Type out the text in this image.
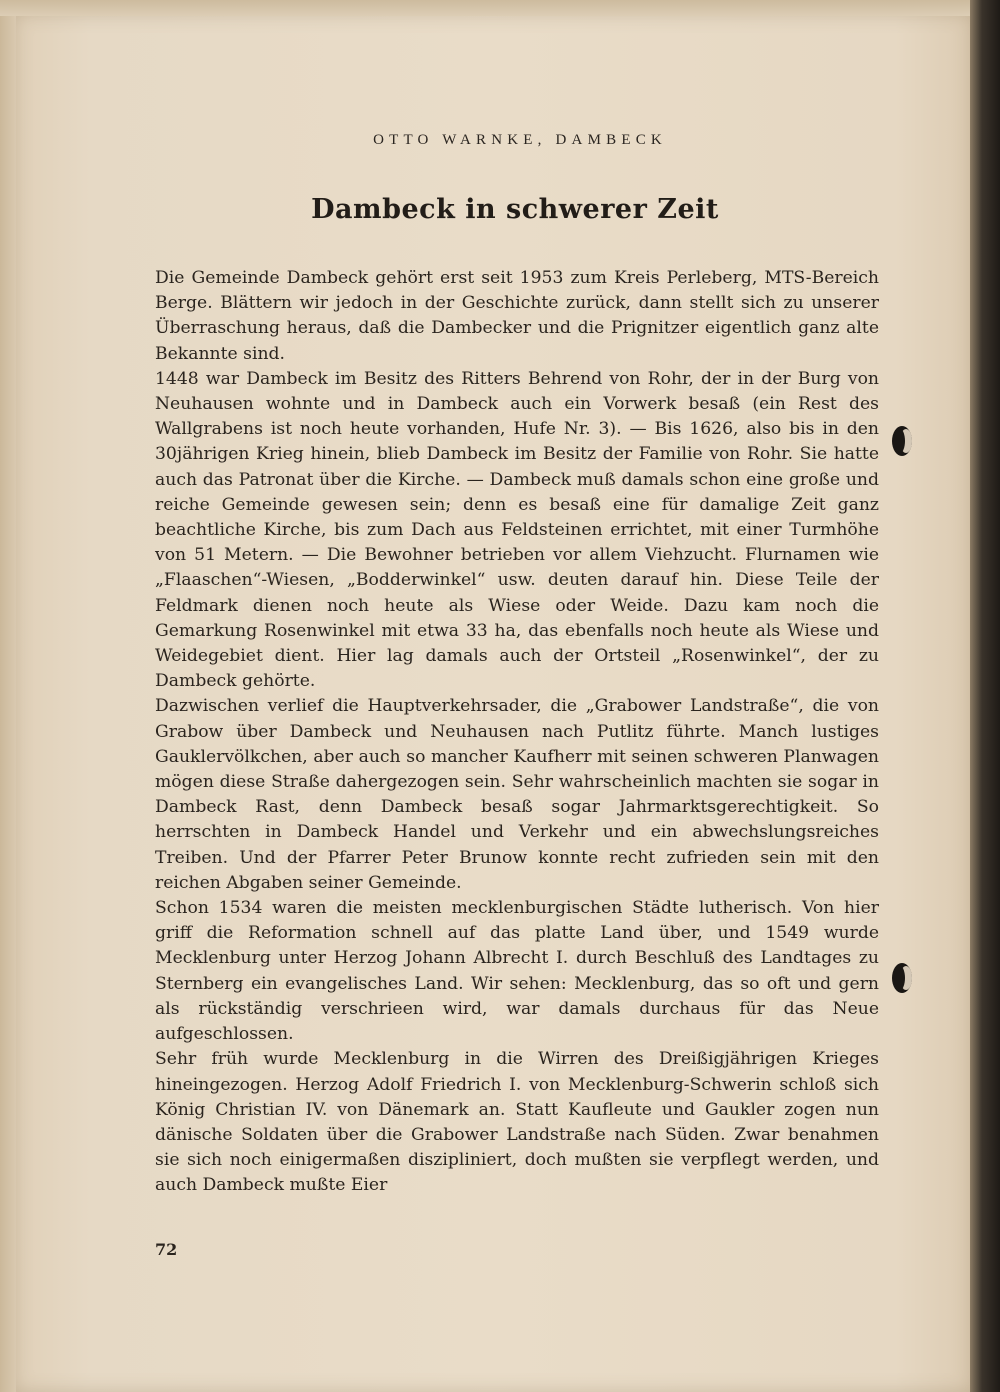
OTTO WARNKE, DAMBECK
Dambeck in schwerer Zeit

Die Gemeinde Dambeck gehört erst seit 1953 zum Kreis Perleberg, MTS-Bereich Berge. Blättern wir jedoch in der Geschichte zurück, dann stellt sich zu unserer Überraschung heraus, daß die Dambecker und die Prignitzer eigentlich ganz alte Bekannte sind.

1448 war Dambeck im Besitz des Ritters Behrend von Rohr, der in der Burg von Neuhausen wohnte und in Dambeck auch ein Vorwerk besaß (ein Rest des Wallgrabens ist noch heute vorhanden, Hufe Nr. 3). — Bis 1626, also bis in den 30jährigen Krieg hinein, blieb Dambeck im Besitz der Familie von Rohr. Sie hatte auch das Patronat über die Kirche. — Dambeck muß damals schon eine große und reiche Gemeinde gewesen sein; denn es besaß eine für damalige Zeit ganz beachtliche Kirche, bis zum Dach aus Feldsteinen errichtet, mit einer Turmhöhe von 51 Metern. — Die Bewohner betrieben vor allem Viehzucht. Flurnamen wie „Flaaschen“-Wiesen, „Bodderwinkel“ usw. deuten darauf hin. Diese Teile der Feldmark dienen noch heute als Wiese oder Weide. Dazu kam noch die Gemarkung Rosenwinkel mit etwa 33 ha, das ebenfalls noch heute als Wiese und Weidegebiet dient. Hier lag damals auch der Ortsteil „Rosenwinkel“, der zu Dambeck gehörte.

Dazwischen verlief die Hauptverkehrsader, die „Grabower Landstraße“, die von Grabow über Dambeck und Neuhausen nach Putlitz führte. Manch lustiges Gauklervölkchen, aber auch so mancher Kaufherr mit seinen schweren Planwagen mögen diese Straße dahergezogen sein. Sehr wahrscheinlich machten sie sogar in Dambeck Rast, denn Dambeck besaß sogar Jahrmarktsgerechtigkeit. So herrschten in Dambeck Handel und Verkehr und ein abwechslungsreiches Treiben. Und der Pfarrer Peter Brunow konnte recht zufrieden sein mit den reichen Abgaben seiner Gemeinde.

Schon 1534 waren die meisten mecklenburgischen Städte lutherisch. Von hier griff die Reformation schnell auf das platte Land über, und 1549 wurde Mecklenburg unter Herzog Johann Albrecht I. durch Beschluß des Landtages zu Sternberg ein evangelisches Land. Wir sehen: Mecklenburg, das so oft und gern als rückständig verschrieen wird, war damals durchaus für das Neue aufgeschlossen.

Sehr früh wurde Mecklenburg in die Wirren des Dreißigjährigen Krieges hineingezogen. Herzog Adolf Friedrich I. von Mecklenburg-Schwerin schloß sich König Christian IV. von Dänemark an. Statt Kaufleute und Gaukler zogen nun dänische Soldaten über die Grabower Landstraße nach Süden. Zwar benahmen sie sich noch einigermaßen diszipliniert, doch mußten sie verpflegt werden, und auch Dambeck mußte Eier

72
